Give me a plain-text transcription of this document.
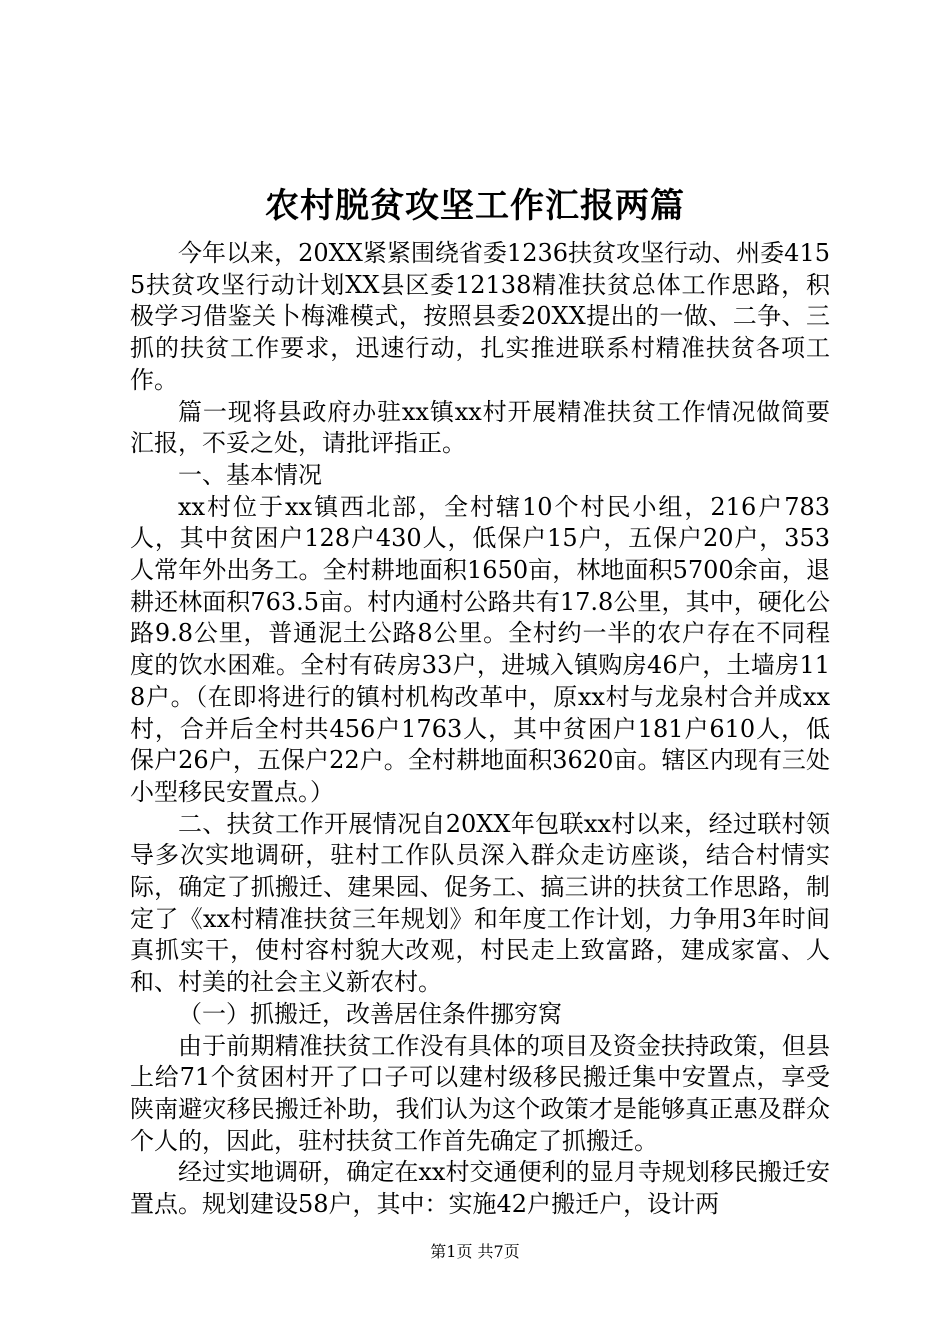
农村脱贫攻坚工作汇报两篇

今年以来，20XX紧紧围绕省委1236扶贫攻坚行动、州委4155扶贫攻坚行动计划XX县区委12138精准扶贫总体工作思路，积极学习借鉴关卜梅滩模式，按照县委20XX提出的一做、二争、三抓的扶贫工作要求，迅速行动，扎实推进联系村精准扶贫各项工作。

篇一现将县政府办驻xx镇xx村开展精准扶贫工作情况做简要汇报，不妥之处，请批评指正。

一、基本情况

xx村位于xx镇西北部，全村辖10个村民小组，216户783人，其中贫困户128户430人，低保户15户，五保户20户，353人常年外出务工。全村耕地面积1650亩，林地面积5700余亩，退耕还林面积763.5亩。村内通村公路共有17.8公里，其中，硬化公路9.8公里，普通泥土公路8公里。全村约一半的农户存在不同程度的饮水困难。全村有砖房33户，进城入镇购房46户，土墙房118户。（在即将进行的镇村机构改革中，原xx村与龙泉村合并成xx村，合并后全村共456户1763人，其中贫困户181户610人，低保户26户，五保户22户。全村耕地面积3620亩。辖区内现有三处小型移民安置点。）

二、扶贫工作开展情况自20XX年包联xx村以来，经过联村领导多次实地调研，驻村工作队员深入群众走访座谈，结合村情实际，确定了抓搬迁、建果园、促务工、搞三讲的扶贫工作思路，制定了《xx村精准扶贫三年规划》和年度工作计划，力争用3年时间真抓实干，使村容村貌大改观，村民走上致富路，建成家富、人和、村美的社会主义新农村。

（一）抓搬迁，改善居住条件挪穷窝

由于前期精准扶贫工作没有具体的项目及资金扶持政策，但县上给71个贫困村开了口子可以建村级移民搬迁集中安置点，享受陕南避灾移民搬迁补助，我们认为这个政策才是能够真正惠及群众个人的，因此，驻村扶贫工作首先确定了抓搬迁。

经过实地调研，确定在xx村交通便利的显月寺规划移民搬迁安置点。规划建设58户，其中：实施42户搬迁户，设计两

第1页 共7页
